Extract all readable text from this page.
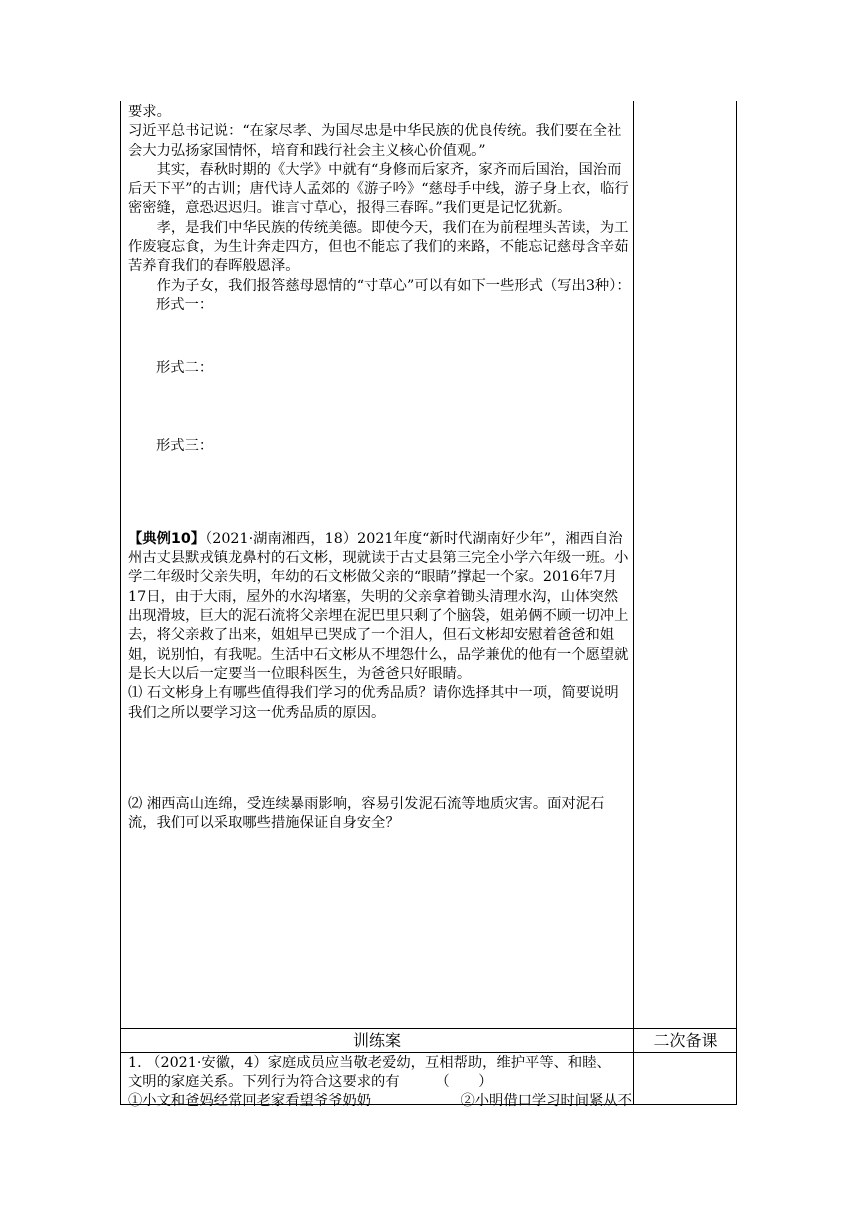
要求。

习近平总书记说：“在家尽孝、为国尽忠是中华民族的优良传统。我们要在全社会大力弘扬家国情怀，培育和践行社会主义核心价值观。”

其实，春秋时期的《大学》中就有“身修而后家齐，家齐而后国治，国治而后天下平”的古训；唐代诗人孟郊的《游子吟》“慈母手中线，游子身上衣，临行密密缝，意恐迟迟归。谁言寸草心，报得三春晖。”我们更是记忆犹新。

孝，是我们中华民族的传统美德。即使今天，我们在为前程埋头苦读，为工作废寝忘食，为生计奔走四方，但也不能忘了我们的来路，不能忘记慈母含辛茹苦养育我们的春晖般恩泽。

作为子女，我们报答慈母恩情的“寸草心”可以有如下一些形式（写出3种）：

形式一：

形式二：

形式三：

【典例10】（2021·湖南湘西，18）2021年度“新时代湖南好少年”，湘西自治州古丈县默戎镇龙鼻村的石文彬，现就读于古丈县第三完全小学六年级一班。小学二年级时父亲失明，年幼的石文彬做父亲的“眼睛”撑起一个家。2016年7月17日，由于大雨，屋外的水沟堵塞，失明的父亲拿着锄头清理水沟，山体突然出现滑坡，巨大的泥石流将父亲埋在泥巴里只剩了个脑袋，姐弟俩不顾一切冲上去，将父亲救了出来，姐姐早已哭成了一个泪人，但石文彬却安慰着爸爸和姐姐，说别怕，有我呢。生活中石文彬从不埋怨什么，品学兼优的他有一个愿望就是长大以后一定要当一位眼科医生，为爸爸只好眼睛。

⑴ 石文彬身上有哪些值得我们学习的优秀品质？请你选择其中一项，简要说明我们之所以要学习这一优秀品质的原因。

⑵ 湘西高山连绵，受连续暴雨影响，容易引发泥石流等地质灾害。面对泥石流，我们可以采取哪些措施保证自身安全？

训练案	二次备课
1. （2021·安徽，4）家庭成员应当敬老爱幼，互相帮助，维护平等、和睦、
文明的家庭关系。下列行为符合这要求的有　　　（　　）
①小文和爸妈经常回老家看望爷爷奶奶	②小明借口学习时间紧从不
